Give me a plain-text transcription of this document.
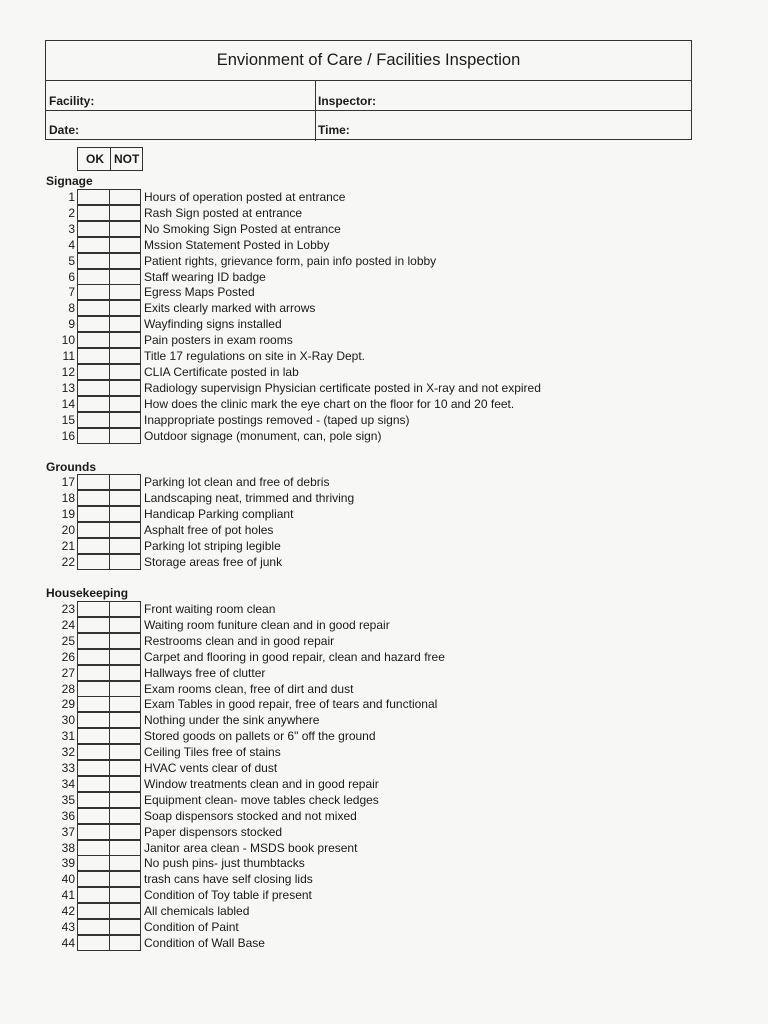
Envionment of Care / Facilities Inspection
Facility:	Inspector:
Date:	Time:
OK NOT
Signage
1	Hours of operation posted at entrance
2	Rash Sign posted at entrance
3	No Smoking Sign Posted at entrance
4	Mssion Statement Posted in Lobby
5	Patient rights, grievance form, pain info posted in lobby
6	Staff wearing ID badge
7	Egress Maps Posted
8	Exits clearly marked with arrows
9	Wayfinding signs installed
10	Pain posters in exam rooms
11	Title 17 regulations on site in X-Ray Dept.
12	CLIA Certificate posted in lab
13	Radiology supervisign Physician certificate posted in X-ray and not expired
14	How does the clinic mark the eye chart on the floor for 10 and 20 feet.
15	Inappropriate postings removed - (taped up signs)
16	Outdoor signage (monument, can, pole sign)
Grounds
17	Parking lot clean and free of debris
18	Landscaping neat, trimmed and thriving
19	Handicap Parking compliant
20	Asphalt free of pot holes
21	Parking lot striping legible
22	Storage areas free of junk
Housekeeping
23	Front waiting room clean
24	Waiting room funiture clean and in good repair
25	Restrooms clean and in good repair
26	Carpet and flooring in good repair, clean and hazard free
27	Hallways free of clutter
28	Exam rooms clean, free of dirt and dust
29	Exam Tables in good repair, free of tears and functional
30	Nothing under the sink anywhere
31	Stored goods on pallets or 6" off the ground
32	Ceiling Tiles free of stains
33	HVAC vents clear of dust
34	Window treatments clean and in good repair
35	Equipment clean- move tables check ledges
36	Soap dispensors stocked and not mixed
37	Paper dispensors stocked
38	Janitor area clean - MSDS book present
39	No push pins- just thumbtacks
40	trash cans have self closing lids
41	Condition of Toy table if present
42	All chemicals labled
43	Condition of Paint
44	Condition of Wall Base
